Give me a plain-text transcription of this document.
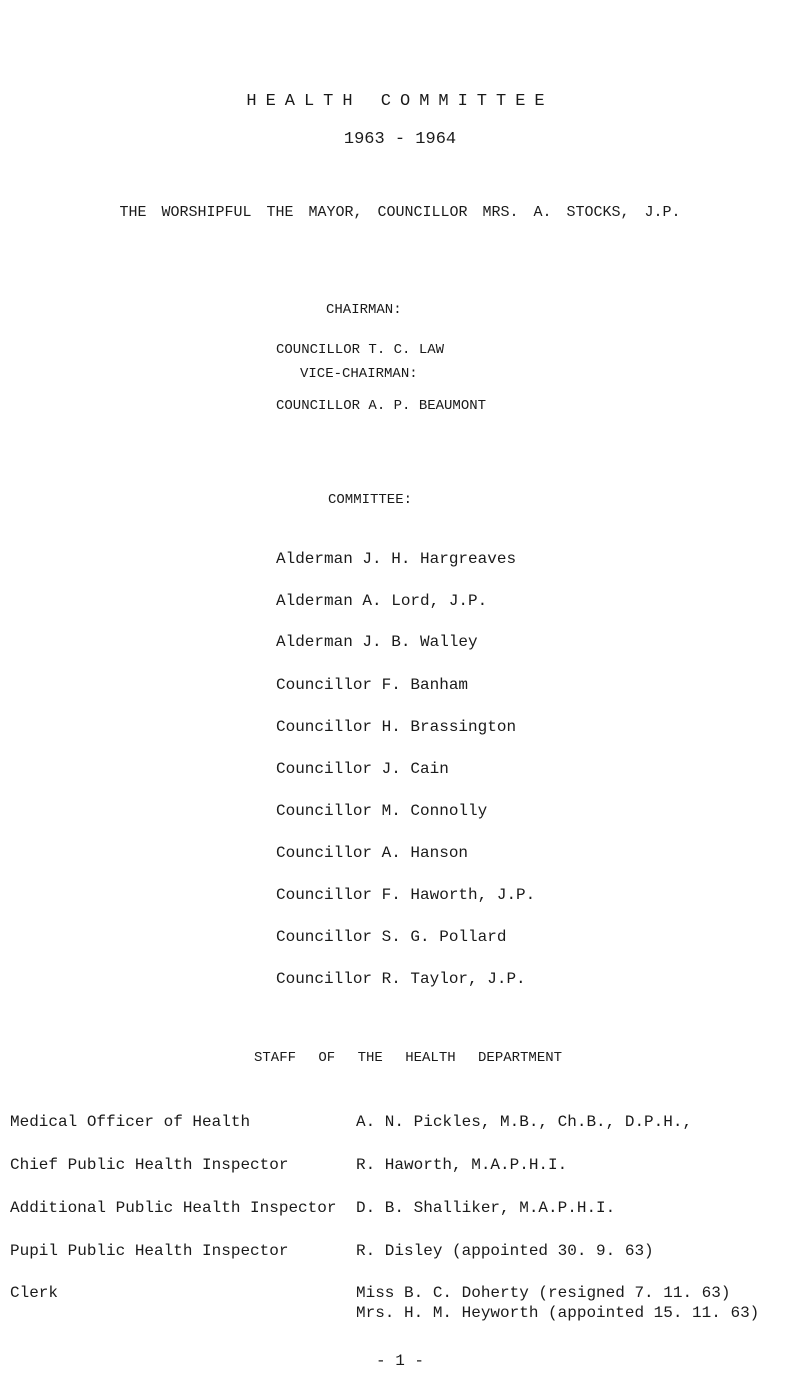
HEALTH COMMITTEE
1963 - 1964
THE WORSHIPFUL THE MAYOR, COUNCILLOR MRS. A. STOCKS, J.P.
CHAIRMAN:
COUNCILLOR T. C. LAW
VICE-CHAIRMAN:
COUNCILLOR A. P. BEAUMONT
COMMITTEE:
Alderman J. H. Hargreaves
Alderman A. Lord, J.P.
Alderman J. B. Walley
Councillor F. Banham
Councillor H. Brassington
Councillor J. Cain
Councillor M. Connolly
Councillor A. Hanson
Councillor F. Haworth, J.P.
Councillor S. G. Pollard
Councillor R. Taylor, J.P.
STAFF OF THE HEALTH DEPARTMENT
Medical Officer of Health	A. N. Pickles, M.B., Ch.B., D.P.H.,
Chief Public Health Inspector	R. Haworth, M.A.P.H.I.
Additional Public Health Inspector D. B. Shalliker, M.A.P.H.I.
Pupil Public Health Inspector	R. Disley (appointed 30. 9. 63)
Clerk	Miss B. C. Doherty (resigned 7. 11. 63)
Mrs. H. M. Heyworth (appointed 15. 11. 63)
- 1 -
